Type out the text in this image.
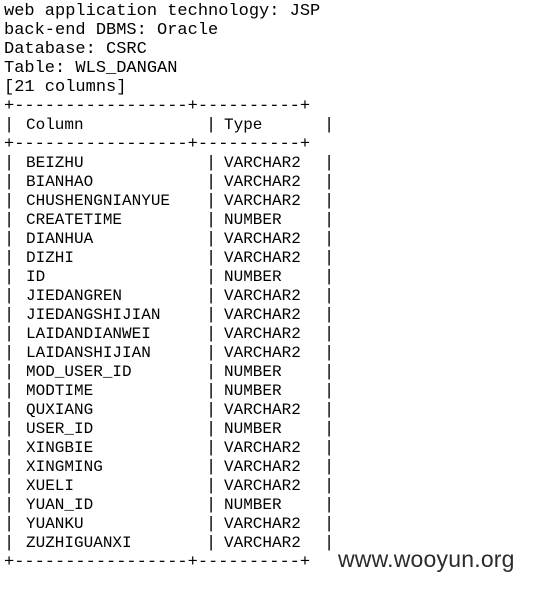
web application technology: JSP
back-end DBMS: Oracle
Database: CSRC
Table: WLS_DANGAN
[21 columns]
+-----------------+----------+
| Column	| Type	|
+-----------------+----------+
| BEIZHU	| VARCHAR2 |
| BIANHAO	| VARCHAR2 |
| CHUSHENGNIANYUE | VARCHAR2 |
| CREATETIME	| NUMBER |
| DIANHUA	| VARCHAR2 |
| DIZHI	| VARCHAR2 |
| ID	| NUMBER |
| JIEDANGREN	| VARCHAR2 |
| JIEDANGSHIJIAN	| VARCHAR2 |
| LAIDANDIANWEI	| VARCHAR2 |
| LAIDANSHIJIAN	| VARCHAR2 |
| MOD_USER_ID	| NUMBER |
| MODTIME	| NUMBER |
| QUXIANG	| VARCHAR2 |
| USER_ID	| NUMBER |
| XINGBIE	| VARCHAR2 |
| XINGMING	| VARCHAR2 |
| XUELI	| VARCHAR2 |
| YUAN_ID	| NUMBER |
| YUANKU	| VARCHAR2 |
| ZUZHIGUANXI	| VARCHAR2 |
+-----------------+----------+	www.wooyun.org
